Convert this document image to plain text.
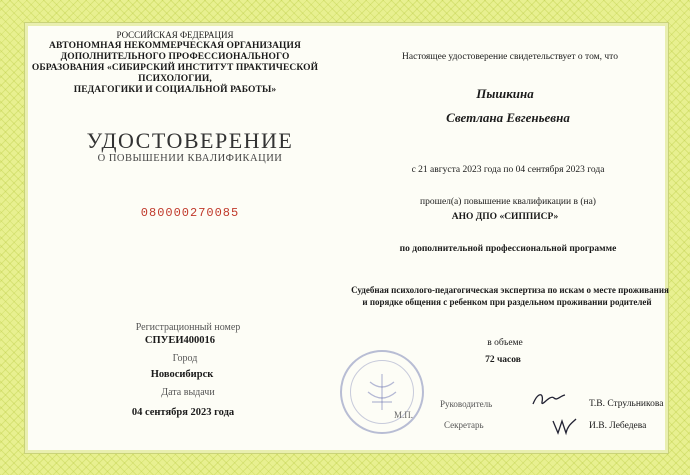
РОССИЙСКАЯ ФЕДЕРАЦИЯ
АВТОНОМНАЯ НЕКОММЕРЧЕСКАЯ ОРГАНИЗАЦИЯ
ДОПОЛНИТЕЛЬНОГО ПРОФЕССИОНАЛЬНОГО
ОБРАЗОВАНИЯ «СИБИРСКИЙ ИНСТИТУТ ПРАКТИЧЕСКОЙ
ПСИХОЛОГИИ,
ПЕДАГОГИКИ И СОЦИАЛЬНОЙ РАБОТЫ»
УДОСТОВЕРЕНИЕ
О ПОВЫШЕНИИ КВАЛИФИКАЦИИ
080000270085
Регистрационный номер
СПУЕИ400016
Город
Новосибирск
Дата выдачи
04 сентября 2023 года
Настоящее удостоверение свидетельствует о том, что
Пышкина
Светлана Евгеньевна
с 21 августа 2023 года по 04 сентября 2023 года
прошел(а) повышение квалификации в (на)
АНО ДПО «СИППИСР»
по дополнительной профессиональной программе
Судебная психолого-педагогическая экспертиза по искам о месте проживания
и порядке общения с ребенком при раздельном проживании родителей
в объеме
72 часов
М.П.
Руководитель	Т.В. Струльникова
Секретарь	И.В. Лебедева
